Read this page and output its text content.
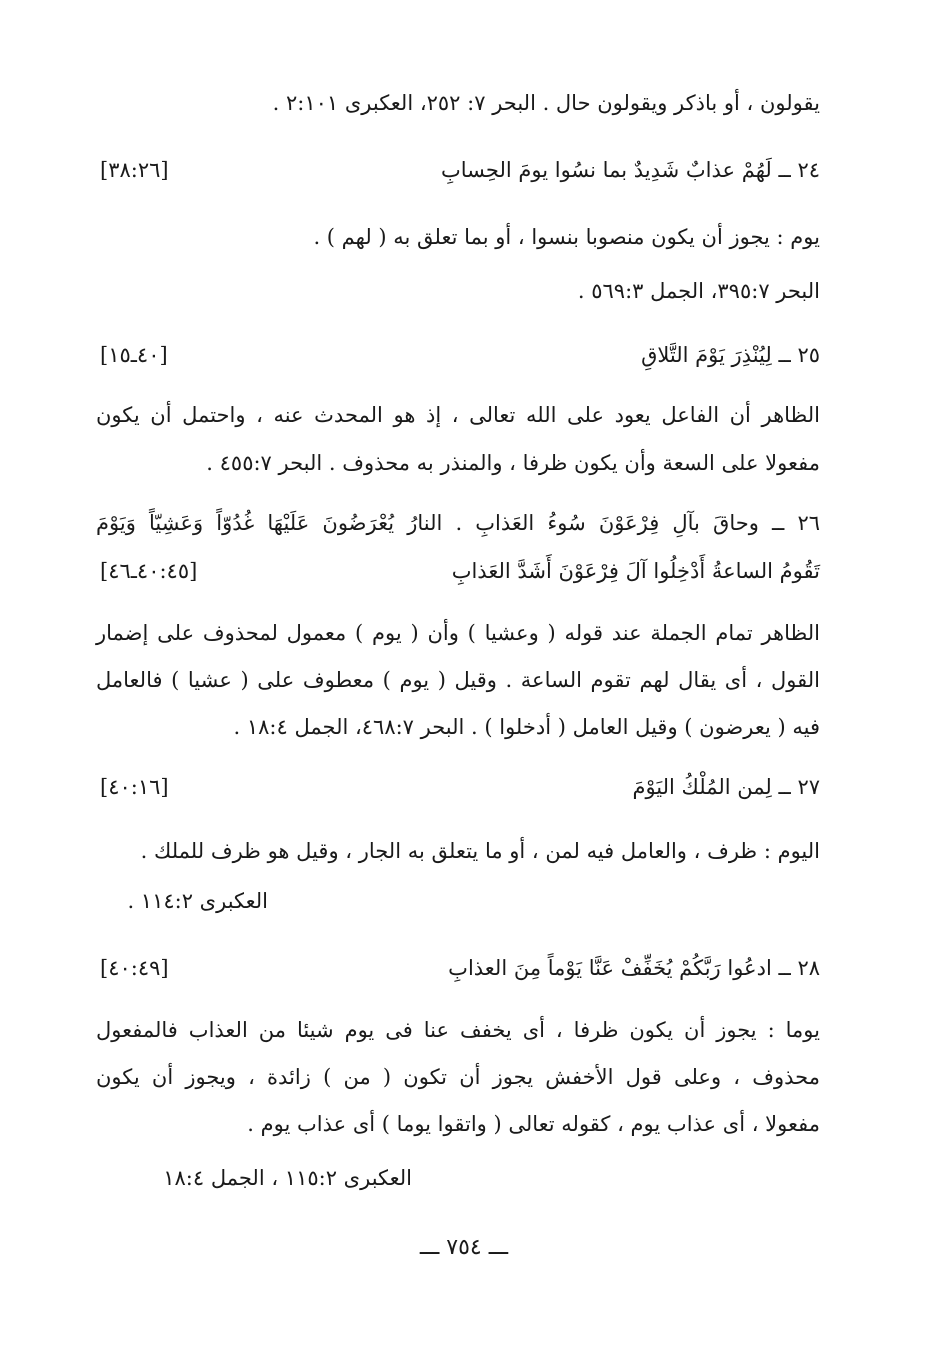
يقولون ، أو باذكر ويقولون حال . البحر ٧: ٢٥٢، العكبرى ٢:١٠١ .
٢٤ ــ لَهُمْ عذابٌ شَدِيدٌ بما نسُوا يومَ الحِسابِ
[٣٨:٢٦]
يوم : يجوز أن يكون منصوبا بنسوا ، أو بما تعلق به ( لهم ) .
البحر ٣٩٥:٧، الجمل ٥٦٩:٣ .
٢٥ ــ لِيُنْذِرَ يَوْمَ التَّلاقِ
[٤٠ـ١٥]
الظاهر أن الفاعل يعود على الله تعالى ، إذ هو المحدث عنه ، واحتمل أن يكون
مفعولا على السعة وأن يكون ظرفا ، والمنذر به محذوف . البحر ٤٥٥:٧ .
٢٦ ــ وحاقَ بآلِ فِرْعَوْنَ سُوءُ العَذابِ . النارُ يُعْرَضُونَ عَلَيْهَا غُدُوّاً وَعَشِيّاً وَيَوْمَ
تَقُومُ الساعةُ أَدْخِلُوا آلَ فِرْعَوْنَ أَشَدَّ العَذابِ
[٤٠:٤٥ـ٤٦]
الظاهر تمام الجملة عند قوله ( وعشيا ) وأن ( يوم ) معمول لمحذوف على إضمار
القول ، أى يقال لهم تقوم الساعة . وقيل ( يوم ) معطوف على ( عشيا ) فالعامل
فيه ( يعرضون ) وقيل العامل ( أدخلوا ) . البحر ٤٦٨:٧، الجمل ١٨:٤ .
٢٧ ــ لِمن المُلْكُ اليَوْمَ
[٤٠:١٦]
اليوم : ظرف ، والعامل فيه لمن ، أو ما يتعلق به الجار ، وقيل هو ظرف للملك .
العكبرى ١١٤:٢ .
٢٨ ــ ادعُوا رَبَّكُمْ يُخَفِّفْ عَنَّا يَوْماً مِنَ العذابِ
[٤٠:٤٩]
يوما : يجوز أن يكون ظرفا ، أى يخفف عنا فى يوم شيئا من العذاب فالمفعول
محذوف ، وعلى قول الأخفش يجوز أن تكون ( من ) زائدة ، ويجوز أن يكون
مفعولا ، أى عذاب يوم ، كقوله تعالى ( واتقوا يوما ) أى عذاب يوم .
العكبرى ١١٥:٢ ، الجمل ١٨:٤
ـــ ٧٥٤ ـــ
